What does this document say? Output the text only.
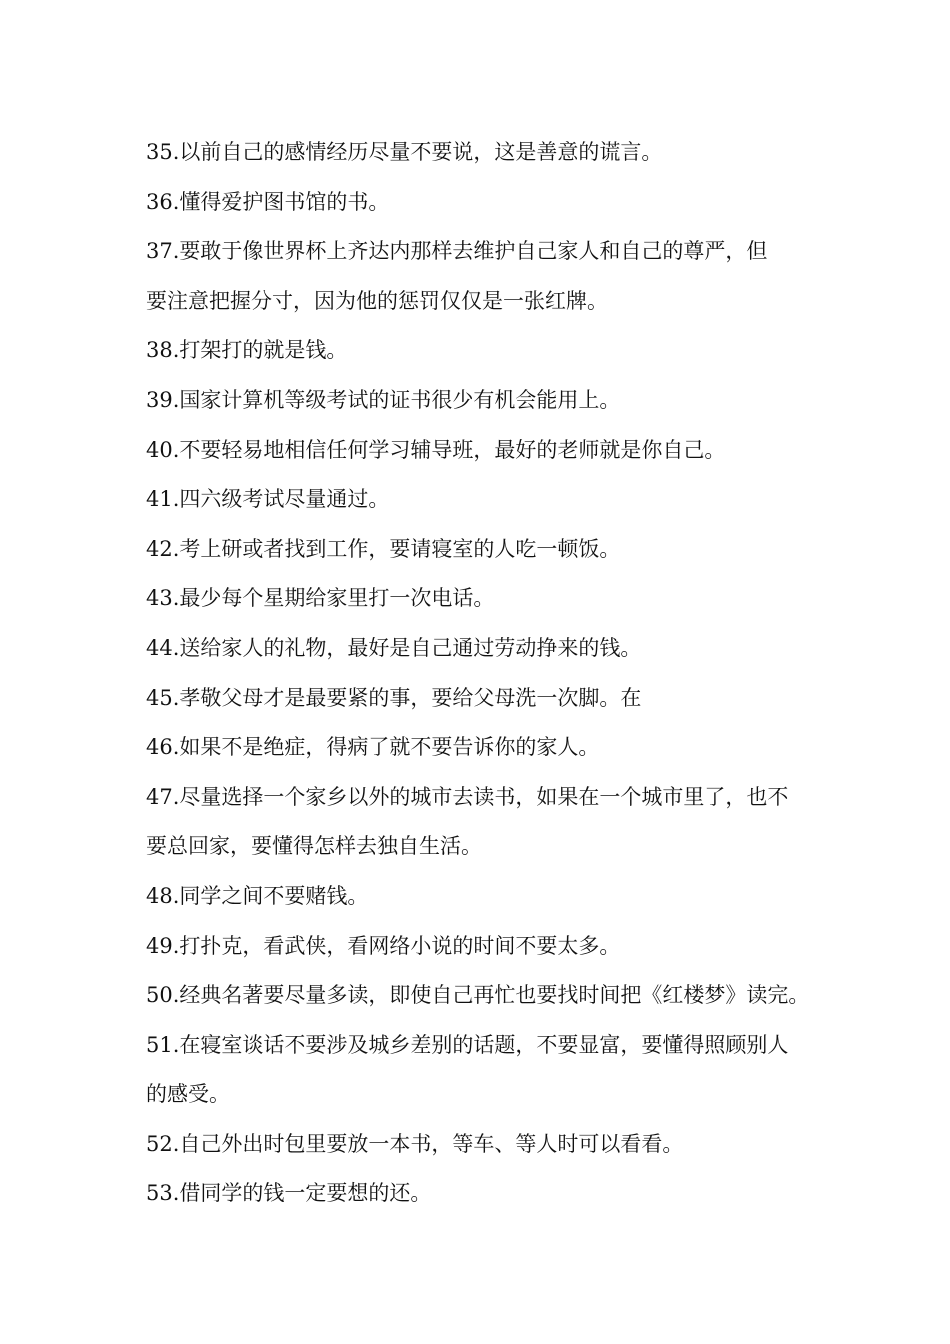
35.以前自己的感情经历尽量不要说，这是善意的谎言。
36.懂得爱护图书馆的书。
37.要敢于像世界杯上齐达内那样去维护自己家人和自己的尊严，但
要注意把握分寸，因为他的惩罚仅仅是一张红牌。
38.打架打的就是钱。
39.国家计算机等级考试的证书很少有机会能用上。
40.不要轻易地相信任何学习辅导班，最好的老师就是你自己。
41.四六级考试尽量通过。
42.考上研或者找到工作，要请寝室的人吃一顿饭。
43.最少每个星期给家里打一次电话。
44.送给家人的礼物，最好是自己通过劳动挣来的钱。
45.孝敬父母才是最要紧的事，要给父母洗一次脚。在
46.如果不是绝症，得病了就不要告诉你的家人。
47.尽量选择一个家乡以外的城市去读书，如果在一个城市里了，也不
要总回家，要懂得怎样去独自生活。
48.同学之间不要赌钱。
49.打扑克，看武侠，看网络小说的时间不要太多。
50.经典名著要尽量多读，即使自己再忙也要找时间把《红楼梦》读完。
51.在寝室谈话不要涉及城乡差别的话题，不要显富，要懂得照顾别人
的感受。
52.自己外出时包里要放一本书，等车、等人时可以看看。
53.借同学的钱一定要想的还。
